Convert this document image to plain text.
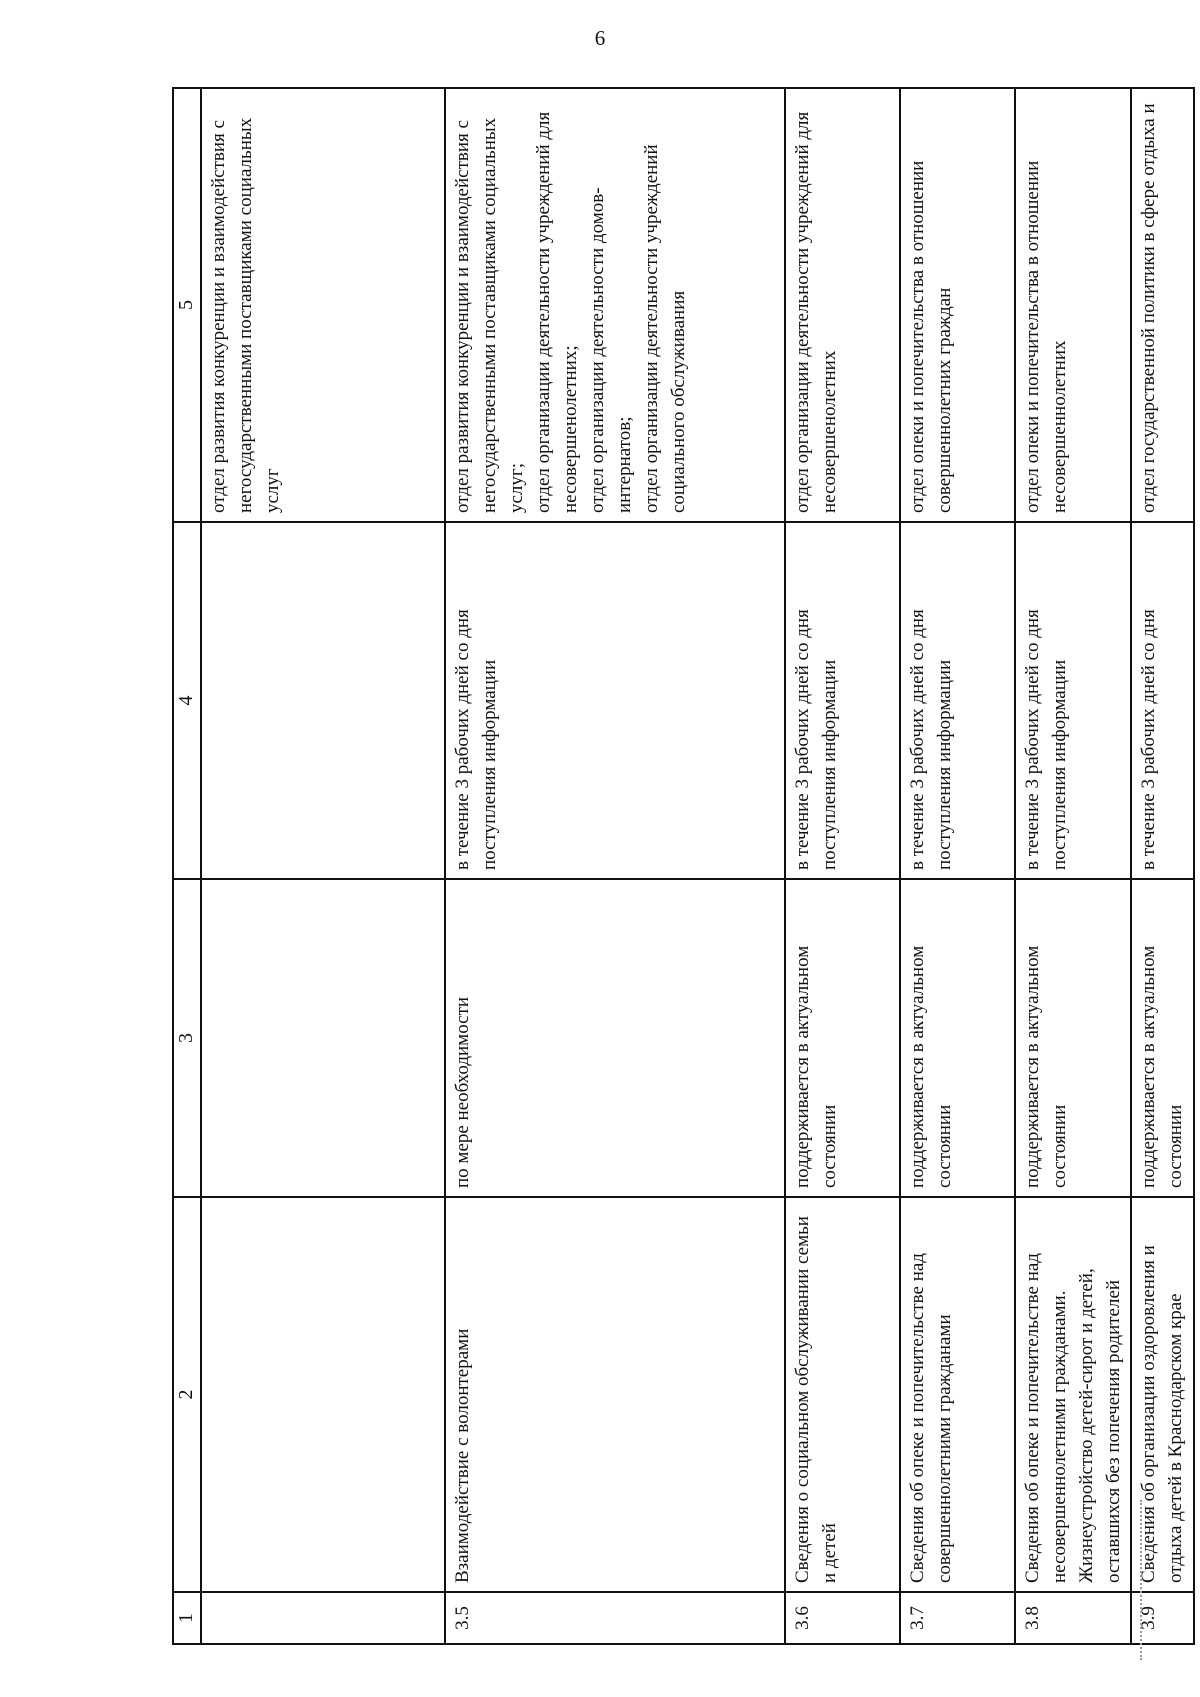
6
1	2	3	4	5
				отдел развития конкуренции и взаимодействия с негосударственными поставщиками социальных услуг
3.5	Взаимодействие с волонтерами	по мере необходимости	в течение 3 рабочих дней со дня поступления информации	отдел развития конкуренции и взаимодействия с негосударственными поставщиками социальных услуг;
отдел организации деятельности учреждений для несовершенолетних;
отдел организации деятельности домов-интернатов;
отдел организации деятельности учреждений социального обслуживания
3.6	Сведения о социальном обслуживании семьи и детей	поддерживается в актуальном состоянии	в течение 3 рабочих дней со дня поступления информации	отдел организации деятельности учреждений для несовершенолетних
3.7	Сведения об опеке и попечительстве над совершеннолетними гражданами	поддерживается в актуальном состоянии	в течение 3 рабочих дней со дня поступления информации	отдел опеки и попечительства в отношении совершеннолетних граждан
3.8	Сведения об опеке и попечительстве над несовершеннолетними гражданами. Жизнеустройство детей-сирот и детей, оставшихся без попечения родителей	поддерживается в актуальном состоянии	в течение 3 рабочих дней со дня поступления информации	отдел опеки и попечительства в отношении несовершеннолетних
3.9	Сведения об организации оздоровления и отдыха детей в Краснодарском крае	поддерживается в актуальном состоянии	в течение 3 рабочих дней со дня	отдел государственной политики в сфере отдыха и
